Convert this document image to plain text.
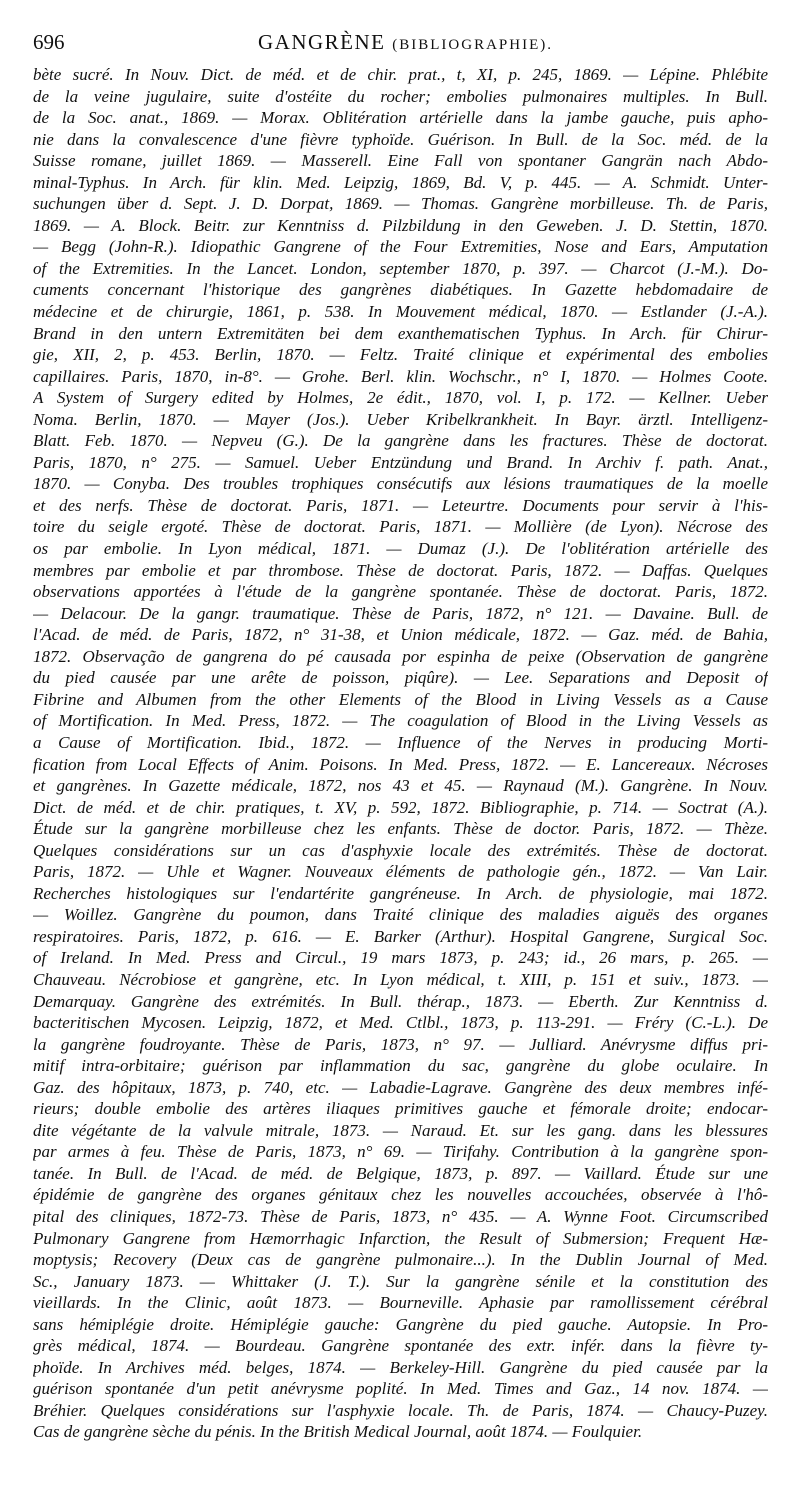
696	GANGRÈNE (BIBLIOGRAPHIE).
bète sucré. In Nouv. Dict. de méd. et de chir. prat., t, XI, p. 245, 1869. — Lépine. Phlébite
de la veine jugulaire, suite d'ostéite du rocher; embolies pulmonaires multiples. In Bull.
de la Soc. anat., 1869. — Morax. Oblitération artérielle dans la jambe gauche, puis apho-
nie dans la convalescence d'une fièvre typhoïde. Guérison. In Bull. de la Soc. méd. de la
Suisse romane, juillet 1869. — Masserell. Eine Fall von spontaner Gangrän nach Abdo-
minal-Typhus. In Arch. für klin. Med. Leipzig, 1869, Bd. V, p. 445. — A. Schmidt. Unter-
suchungen über d. Sept. J. D. Dorpat, 1869. — Thomas. Gangrène morbilleuse. Th. de Paris,
1869. — A. Block. Beitr. zur Kenntniss d. Pilzbildung in den Geweben. J. D. Stettin, 1870.
— Begg (John-R.). Idiopathic Gangrene of the Four Extremities, Nose and Ears, Amputation
of the Extremities. In the Lancet. London, september 1870, p. 397. — Charcot (J.-M.). Do-
cuments concernant l'historique des gangrènes diabétiques. In Gazette hebdomadaire de
médecine et de chirurgie, 1861, p. 538. In Mouvement médical, 1870. — Estlander (J.-A.).
Brand in den untern Extremitäten bei dem exanthematischen Typhus. In Arch. für Chirur-
gie, XII, 2, p. 453. Berlin, 1870. — Feltz. Traité clinique et expérimental des embolies
capillaires. Paris, 1870, in-8°. — Grohe. Berl. klin. Wochschr., n° I, 1870. — Holmes Coote.
A System of Surgery edited by Holmes, 2e édit., 1870, vol. I, p. 172. — Kellner. Ueber
Noma. Berlin, 1870. — Mayer (Jos.). Ueber Kribelkrankheit. In Bayr. ärztl. Intelligenz-
Blatt. Feb. 1870. — Nepveu (G.). De la gangrène dans les fractures. Thèse de doctorat.
Paris, 1870, n° 275. — Samuel. Ueber Entzündung und Brand. In Archiv f. path. Anat.,
1870. — Conyba. Des troubles trophiques consécutifs aux lésions traumatiques de la moelle
et des nerfs. Thèse de doctorat. Paris, 1871. — Leteurtre. Documents pour servir à l'his-
toire du seigle ergoté. Thèse de doctorat. Paris, 1871. — Mollière (de Lyon). Nécrose des
os par embolie. In Lyon médical, 1871. — Dumaz (J.). De l'oblitération artérielle des
membres par embolie et par thrombose. Thèse de doctorat. Paris, 1872. — Daffas. Quelques
observations apportées à l'étude de la gangrène spontanée. Thèse de doctorat. Paris, 1872.
— Delacour. De la gangr. traumatique. Thèse de Paris, 1872, n° 121. — Davaine. Bull. de
l'Acad. de méd. de Paris, 1872, n° 31-38, et Union médicale, 1872. — Gaz. méd. de Bahia,
1872. Observação de gangrena do pé causada por espinha de peixe (Observation de gangrène
du pied causée par une arête de poisson, piqûre). — Lee. Separations and Deposit of
Fibrine and Albumen from the other Elements of the Blood in Living Vessels as a Cause
of Mortification. In Med. Press, 1872. — The coagulation of Blood in the Living Vessels as
a Cause of Mortification. Ibid., 1872. — Influence of the Nerves in producing Morti-
fication from Local Effects of Anim. Poisons. In Med. Press, 1872. — E. Lancereaux. Nécroses
et gangrènes. In Gazette médicale, 1872, nos 43 et 45. — Raynaud (M.). Gangrène. In Nouv.
Dict. de méd. et de chir. pratiques, t. XV, p. 592, 1872. Bibliographie, p. 714. — Soctrat (A.).
Étude sur la gangrène morbilleuse chez les enfants. Thèse de doctor. Paris, 1872. — Thèze.
Quelques considérations sur un cas d'asphyxie locale des extrémités. Thèse de doctorat.
Paris, 1872. — Uhle et Wagner. Nouveaux éléments de pathologie gén., 1872. — Van Lair.
Recherches histologiques sur l'endartérite gangréneuse. In Arch. de physiologie, mai 1872.
— Woillez. Gangrène du poumon, dans Traité clinique des maladies aiguës des organes
respiratoires. Paris, 1872, p. 616. — E. Barker (Arthur). Hospital Gangrene, Surgical Soc.
of Ireland. In Med. Press and Circul., 19 mars 1873, p. 243; id., 26 mars, p. 265. —
Chauveau. Nécrobiose et gangrène, etc. In Lyon médical, t. XIII, p. 151 et suiv., 1873. —
Demarquay. Gangrène des extrémités. In Bull. thérap., 1873. — Eberth. Zur Kenntniss d.
bacteritischen Mycosen. Leipzig, 1872, et Med. Ctlbl., 1873, p. 113-291. — Fréry (C.-L.). De
la gangrène foudroyante. Thèse de Paris, 1873, n° 97. — Julliard. Anévrysme diffus pri-
mitif intra-orbitaire; guérison par inflammation du sac, gangrène du globe oculaire. In
Gaz. des hôpitaux, 1873, p. 740, etc. — Labadie-Lagrave. Gangrène des deux membres infé-
rieurs; double embolie des artères iliaques primitives gauche et fémorale droite; endocar-
dite végétante de la valvule mitrale, 1873. — Naraud. Et. sur les gang. dans les blessures
par armes à feu. Thèse de Paris, 1873, n° 69. — Tirifahy. Contribution à la gangrène spon-
tanée. In Bull. de l'Acad. de méd. de Belgique, 1873, p. 897. — Vaillard. Étude sur une
épidémie de gangrène des organes génitaux chez les nouvelles accouchées, observée à l'hô-
pital des cliniques, 1872-73. Thèse de Paris, 1873, n° 435. — A. Wynne Foot. Circumscribed
Pulmonary Gangrene from Hæmorrhagic Infarction, the Result of Submersion; Frequent Hæ-
moptysis; Recovery (Deux cas de gangrène pulmonaire...). In the Dublin Journal of Med.
Sc., January 1873. — Whittaker (J. T.). Sur la gangrène sénile et la constitution des
vieillards. In the Clinic, août 1873. — Bourneville. Aphasie par ramollissement cérébral
sans hémiplégie droite. Hémiplégie gauche: Gangrène du pied gauche. Autopsie. In Pro-
grès médical, 1874. — Bourdeau. Gangrène spontanée des extr. infér. dans la fièvre ty-
phoïde. In Archives méd. belges, 1874. — Berkeley-Hill. Gangrène du pied causée par la
guérison spontanée d'un petit anévrysme poplité. In Med. Times and Gaz., 14 nov. 1874. —
Bréhier. Quelques considérations sur l'asphyxie locale. Th. de Paris, 1874. — Chaucy-Puzey.
Cas de gangrène sèche du pénis. In the British Medical Journal, août 1874. — Foulquier.
